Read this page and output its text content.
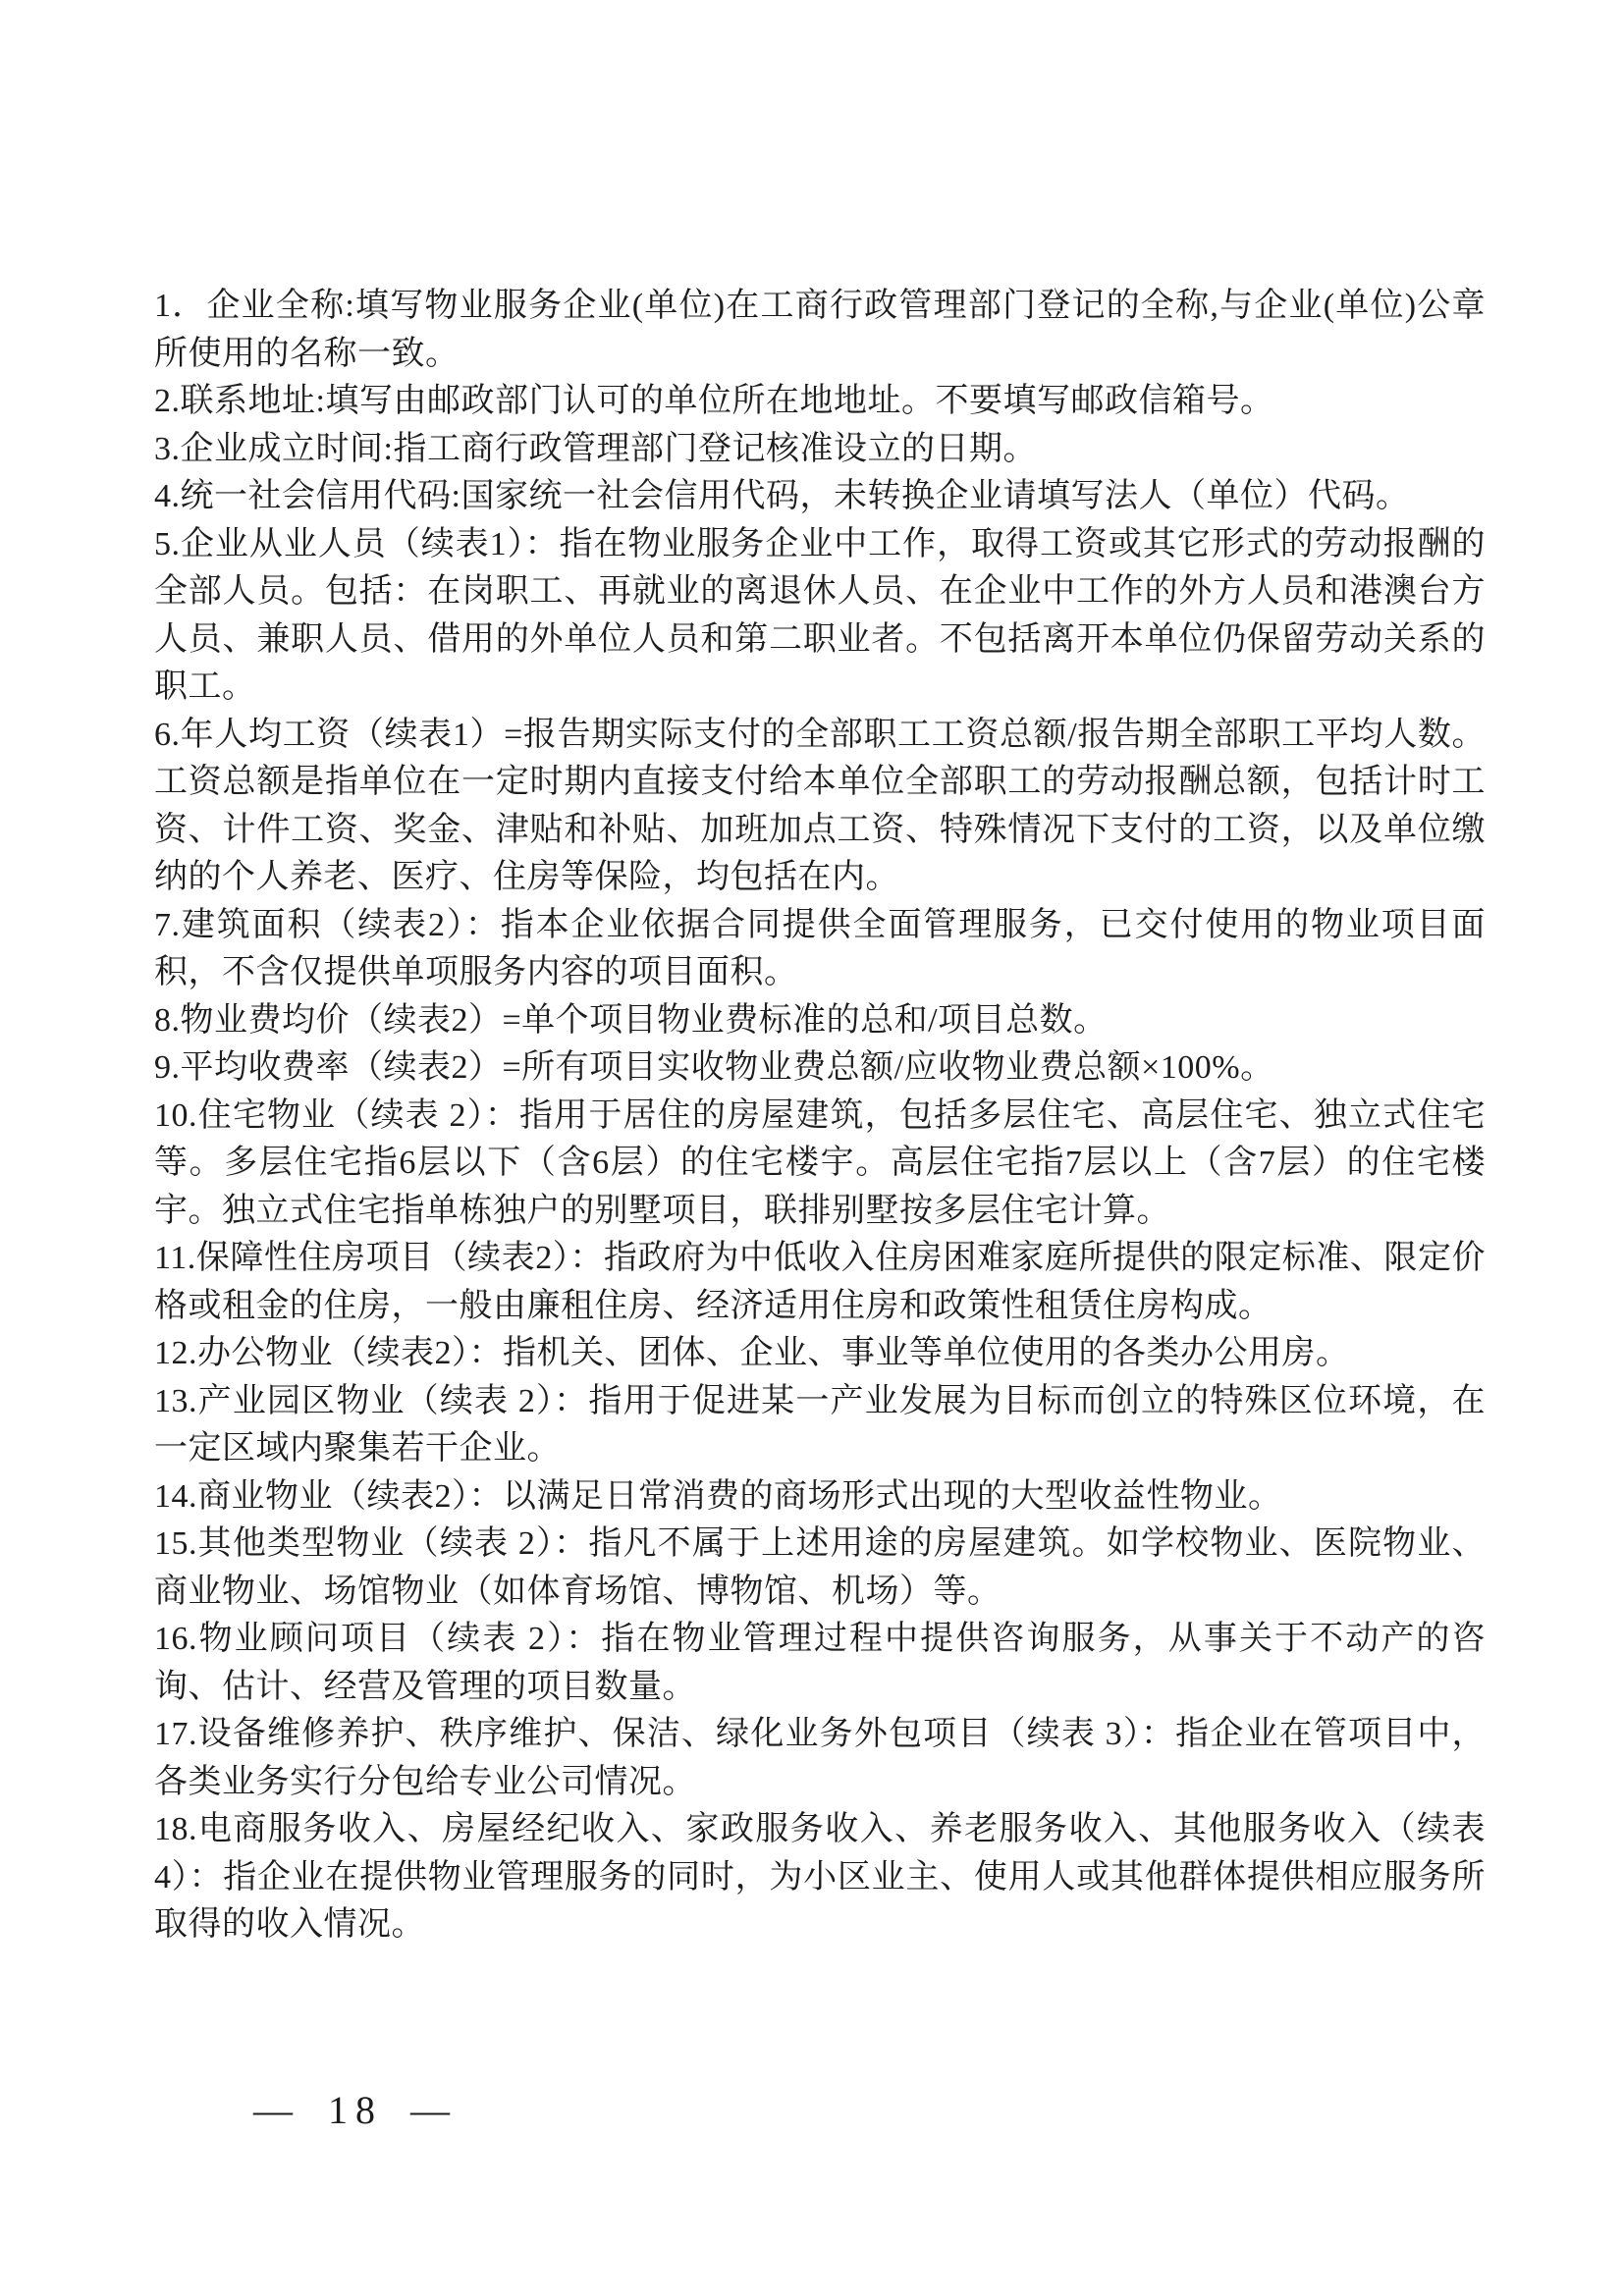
1．企业全称:填写物业服务企业(单位)在工商行政管理部门登记的全称,与企业(单位)公章所使用的名称一致。

2.联系地址:填写由邮政部门认可的单位所在地地址。不要填写邮政信箱号。

3.企业成立时间:指工商行政管理部门登记核准设立的日期。

4.统一社会信用代码:国家统一社会信用代码，未转换企业请填写法人（单位）代码。

5.企业从业人员（续表1）：指在物业服务企业中工作，取得工资或其它形式的劳动报酬的全部人员。包括：在岗职工、再就业的离退休人员、在企业中工作的外方人员和港澳台方人员、兼职人员、借用的外单位人员和第二职业者。不包括离开本单位仍保留劳动关系的职工。

6.年人均工资（续表1）=报告期实际支付的全部职工工资总额/报告期全部职工平均人数。工资总额是指单位在一定时期内直接支付给本单位全部职工的劳动报酬总额，包括计时工资、计件工资、奖金、津贴和补贴、加班加点工资、特殊情况下支付的工资，以及单位缴纳的个人养老、医疗、住房等保险，均包括在内。

7.建筑面积（续表2）：指本企业依据合同提供全面管理服务，已交付使用的物业项目面积，不含仅提供单项服务内容的项目面积。

8.物业费均价（续表2）=单个项目物业费标准的总和/项目总数。

9.平均收费率（续表2）=所有项目实收物业费总额/应收物业费总额×100%。

10.住宅物业（续表 2）：指用于居住的房屋建筑，包括多层住宅、高层住宅、独立式住宅等。多层住宅指6层以下（含6层）的住宅楼宇。高层住宅指7层以上（含7层）的住宅楼宇。独立式住宅指单栋独户的别墅项目，联排别墅按多层住宅计算。

11.保障性住房项目（续表2）：指政府为中低收入住房困难家庭所提供的限定标准、限定价格或租金的住房，一般由廉租住房、经济适用住房和政策性租赁住房构成。

12.办公物业（续表2）：指机关、团体、企业、事业等单位使用的各类办公用房。

13.产业园区物业（续表 2）：指用于促进某一产业发展为目标而创立的特殊区位环境，在一定区域内聚集若干企业。

14.商业物业（续表2）：以满足日常消费的商场形式出现的大型收益性物业。

15.其他类型物业（续表 2）：指凡不属于上述用途的房屋建筑。如学校物业、医院物业、商业物业、场馆物业（如体育场馆、博物馆、机场）等。

16.物业顾问项目（续表 2）：指在物业管理过程中提供咨询服务，从事关于不动产的咨询、估计、经营及管理的项目数量。

17.设备维修养护、秩序维护、保洁、绿化业务外包项目（续表 3）：指企业在管项目中，各类业务实行分包给专业公司情况。

18.电商服务收入、房屋经纪收入、家政服务收入、养老服务收入、其他服务收入（续表 4）：指企业在提供物业管理服务的同时，为小区业主、使用人或其他群体提供相应服务所取得的收入情况。

— 18 —
